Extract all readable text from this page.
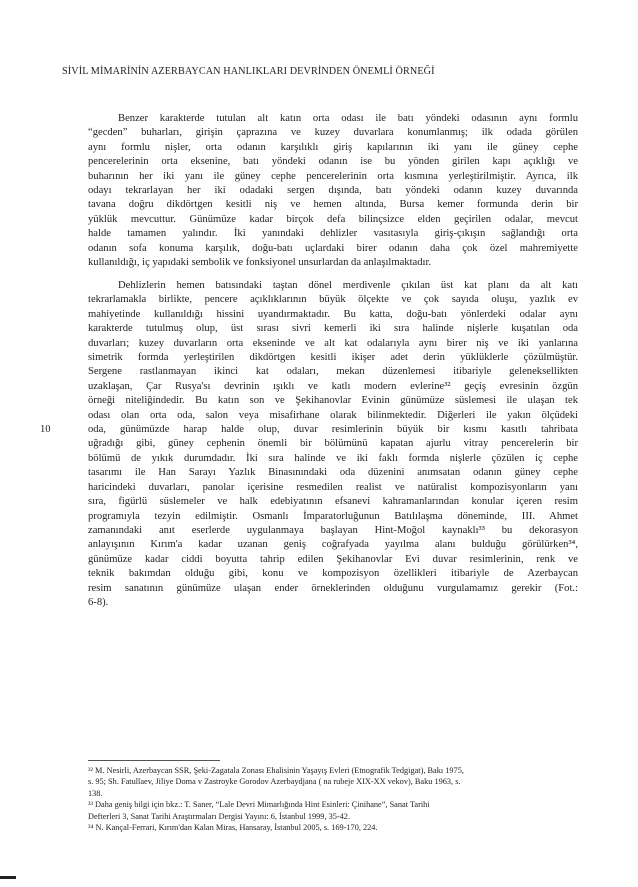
SİVİL MİMARİNİN AZERBAYCAN HANLIKLARI DEVRİNDEN ÖNEMLİ ÖRNEĞİ
Benzer karakterde tutulan alt katın orta odası ile batı yöndeki odasının aynı formlu
“gecden” buharları, girişin çaprazına ve kuzey duvarlara konumlanmış; ilk odada görülen
aynı formlu nişler, orta odanın karşılıklı giriş kapılarının iki yanı ile güney cephe
pencerelerinin orta eksenine, batı yöndeki odanın ise bu yönden girilen kapı açıklığı ve
buharının her iki yanı ile güney cephe pencerelerinin orta kısmına yerleştirilmiştir. Ayrıca, ilk
odayı tekrarlayan her iki odadaki sergen dışında, batı yöndeki odanın kuzey duvarında
tavana doğru dikdörtgen kesitli niş ve hemen altında, Bursa kemer formunda derin bir
yüklük mevcuttur. Günümüze kadar birçok defa bilinçsizce elden geçirilen odalar, mevcut
halde tamamen yalındır. İki yanındaki dehlizler vasıtasıyla giriş-çıkışın sağlandığı orta
odanın sofa konuma karşılık, doğu-batı uçlardaki birer odanın daha çok özel mahremiyette
kullanıldığı, iç yapıdaki sembolik ve fonksiyonel unsurlardan da anlaşılmaktadır.
Dehlizlerin hemen batısındaki taştan dönel merdivenle çıkılan üst kat planı da alt katı
tekrarlamakla birlikte, pencere açıklıklarının büyük ölçekte ve çok sayıda oluşu, yazlık ev
mahiyetinde kullanıldığı hissini uyandırmaktadır. Bu katta, doğu-batı yönlerdeki odalar aynı
karakterde tutulmuş olup, üst sırası sivri kemerli iki sıra halinde nişlerle kuşatılan oda
duvarları; kuzey duvarların orta ekseninde ve alt kat odalarıyla aynı birer niş ve iki yanlarına
simetrik formda yerleştirilen dikdörtgen kesitli ikişer adet derin yüklüklerle çözülmüştür.
Sergene rastlanmayan ikinci kat odaları, mekan düzenlemesi itibariyle geleneksellikten
uzaklaşan, Çar Rusya'sı devrinin ışıklı ve katlı modern evlerine³² geçiş evresinin özgün
örneği niteliğindedir. Bu katın son ve Şekihanovlar Evinin günümüze süslemesi ile ulaşan tek
odası olan orta oda, salon veya misafirhane olarak bilinmektedir. Diğerleri ile yakın ölçüdeki
oda, günümüzde harap halde olup, duvar resimlerinin büyük bir kısmı kasıtlı tahribata
uğradığı gibi, güney cephenin önemli bir bölümünü kapatan ajurlu vitray pencerelerin bir
bölümü de yıkık durumdadır. İki sıra halinde ve iki faklı formda nişlerle çözülen iç cephe
tasarımı ile Han Sarayı Yazlık Binasınındaki oda düzenini anımsatan odanın güney cephe
haricindeki duvarları, panolar içerisine resmedilen realist ve natüralist kompozisyonların yanı
sıra, figürlü süslemeler ve halk edebiyatının efsanevi kahramanlarından konular içeren resim
programıyla tezyin edilmiştir. Osmanlı İmparatorluğunun Batılılaşma döneminde, III. Ahmet
zamanındaki anıt eserlerde uygulanmaya başlayan Hint-Moğol kaynaklı³³ bu dekorasyon
anlayışının Kırım'a kadar uzanan geniş coğrafyada yayılma alanı bulduğu görülürken³⁴,
günümüze kadar ciddi boyutta tahrip edilen Şekihanovlar Evi duvar resimlerinin, renk ve
teknik bakımdan olduğu gibi, konu ve kompozisyon özellikleri itibariyle de Azerbaycan
resim sanatının günümüze ulaşan ender örneklerinden olduğunu vurgulamamız gerekir (Fot.:
6-8).
10
³² M. Nesirli, Azerbaycan SSR, Şeki-Zagatala Zonası Ehalisinin Yaşayış Evleri (Etnografik Tedgigat), Bakı 1975,
s. 95; Sh. Fatullaev, Jiliye Doma v Zastroyke Gorodov Azerbaydjana ( na rubeje XIX-XX vekov), Baku 1963, s.
138.
³³ Daha geniş bilgi için bkz.: T. Saner, “Lale Devri Mimarlığında Hint Esinleri: Çinihane”, Sanat Tarihi
Defterleri 3, Sanat Tarihi Araştırmaları Dergisi Yayını: 6, İstanbul 1999, 35-42.
³⁴ N. Kançal-Ferrari, Kırım'dan Kalan Miras, Hansaray, İstanbul 2005, s. 169-170, 224.
